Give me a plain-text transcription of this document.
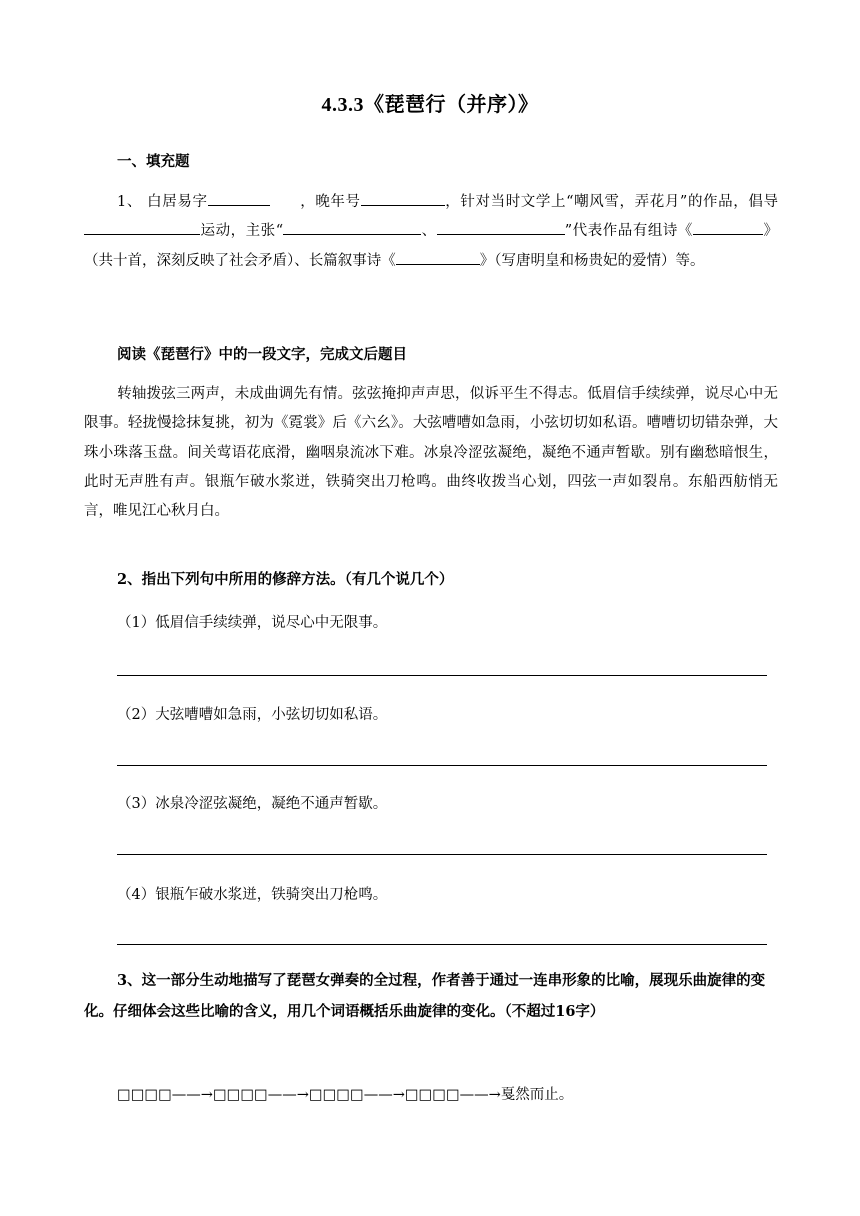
4.3.3《琵琶行（并序）》
一、填充题
1、 白居易字	，晚年号	，针对当时文学上“嘲风雪，弄花月”的作品，倡导运动，主张“	、	”代表作品有组诗《	》（共十首，深刻反映了社会矛盾）、长篇叙事诗《	》（写唐明皇和杨贵妃的爱情）等。
阅读《琵琶行》中的一段文字，完成文后题目
转轴拨弦三两声，未成曲调先有情。弦弦掩抑声声思，似诉平生不得志。低眉信手续续弹，说尽心中无限事。轻拢慢捻抹复挑，初为《霓裳》后《六幺》。大弦嘈嘈如急雨，小弦切切如私语。嘈嘈切切错杂弹，大珠小珠落玉盘。间关莺语花底滑，幽咽泉流冰下难。冰泉冷涩弦凝绝，凝绝不通声暂歇。别有幽愁暗恨生，此时无声胜有声。银瓶乍破水浆迸，铁骑突出刀枪鸣。曲终收拨当心划，四弦一声如裂帛。东船西舫悄无言，唯见江心秋月白。
2、指出下列句中所用的修辞方法。（有几个说几个）
（1）低眉信手续续弹，说尽心中无限事。
（2）大弦嘈嘈如急雨，小弦切切如私语。
（3）冰泉冷涩弦凝绝，凝绝不通声暂歇。
（4）银瓶乍破水浆迸，铁骑突出刀枪鸣。
3、这一部分生动地描写了琵琶女弹奏的全过程，作者善于通过一连串形象的比喻，展现乐曲旋律的变化。仔细体会这些比喻的含义，用几个词语概括乐曲旋律的变化。（不超过16字）
□□□□——→□□□□——→□□□□——→□□□□——→戛然而止。
